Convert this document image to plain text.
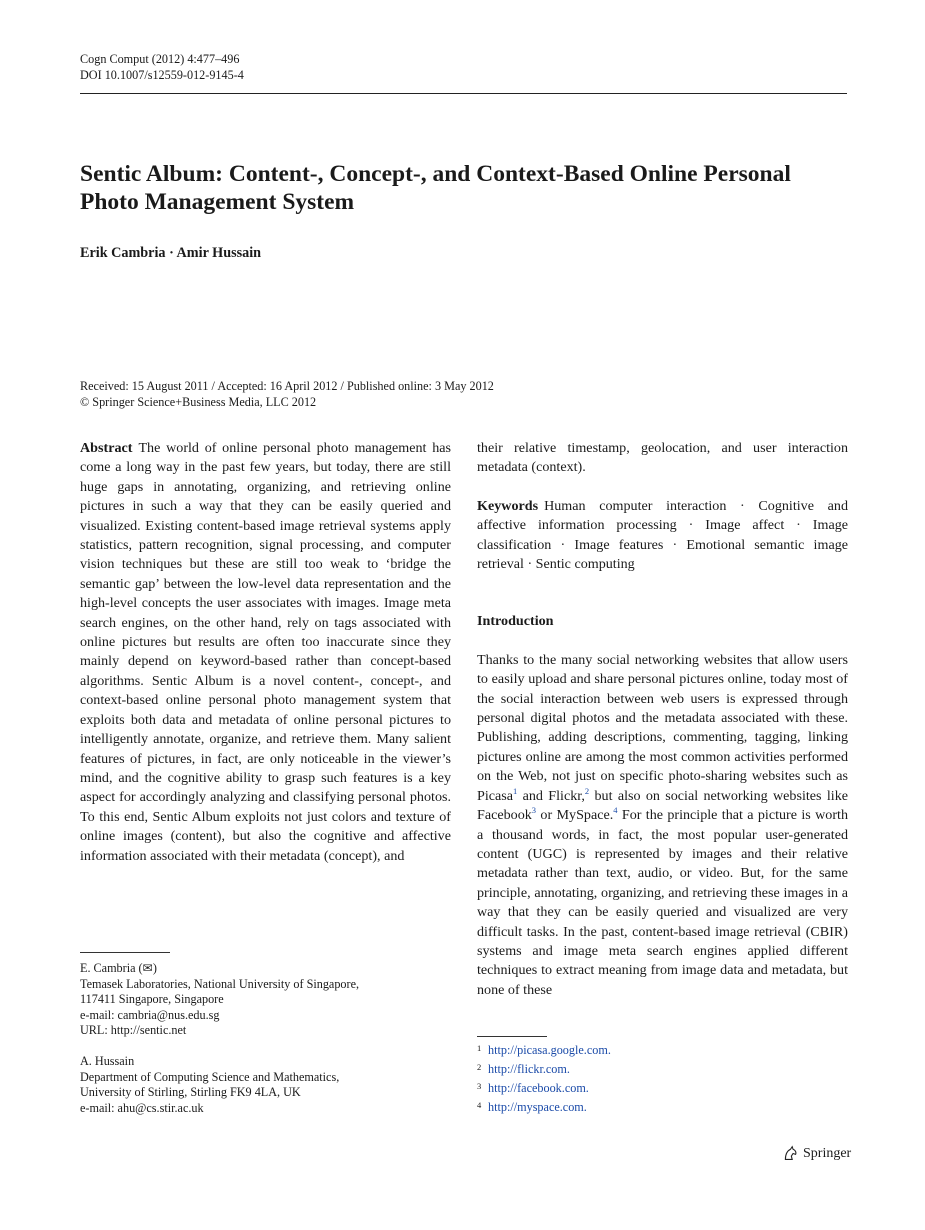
Cogn Comput (2012) 4:477–496
DOI 10.1007/s12559-012-9145-4
Sentic Album: Content-, Concept-, and Context-Based Online Personal Photo Management System
Erik Cambria · Amir Hussain
Received: 15 August 2011 / Accepted: 16 April 2012 / Published online: 3 May 2012
© Springer Science+Business Media, LLC 2012

Abstract The world of online personal photo management has come a long way in the past few years, but today, there are still huge gaps in annotating, organizing, and retrieving online pictures in such a way that they can be easily queried and visualized. Existing content-based image retrieval systems apply statistics, pattern recognition, signal processing, and computer vision techniques but these are still too weak to ‘bridge the semantic gap’ between the low-level data representation and the high-level concepts the user associates with images. Image meta search engines, on the other hand, rely on tags associated with online pictures but results are often too inaccurate since they mainly depend on keyword-based rather than concept-based algorithms. Sentic Album is a novel content-, concept-, and context-based online personal photo management system that exploits both data and metadata of online personal pictures to intelligently annotate, organize, and retrieve them. Many salient features of pictures, in fact, are only noticeable in the viewer’s mind, and the cognitive ability to grasp such features is a key aspect for accordingly analyzing and classifying personal photos. To this end, Sentic Album exploits not just colors and texture of online images (content), but also the cognitive and affective information associated with their metadata (concept), and

their relative timestamp, geolocation, and user interaction metadata (context).

Keywords Human computer interaction · Cognitive and affective information processing · Image affect · Image classification · Image features · Emotional semantic image retrieval · Sentic computing

Introduction

Thanks to the many social networking websites that allow users to easily upload and share personal pictures online, today most of the social interaction between web users is expressed through personal digital photos and the metadata associated with these. Publishing, adding descriptions, commenting, tagging, linking pictures online are among the most common activities performed on the Web, not just on specific photo-sharing websites such as Picasa$^1$ and Flickr,$^2$ but also on social networking websites like Facebook$^3$ or MySpace.$^4$ For the principle that a picture is worth a thousand words, in fact, the most popular user-generated content (UGC) is represented by images and their relative metadata rather than text, audio, or video. But, for the same principle, annotating, organizing, and retrieving these images in a way that they can be easily queried and visualized are very difficult tasks. In the past, content-based image retrieval (CBIR) systems and image meta search engines applied different techniques to extract meaning from image data and metadata, but none of these

E. Cambria (✉)
Temasek Laboratories, National University of Singapore,
117411 Singapore, Singapore
e-mail: cambria@nus.edu.sg
URL: http://sentic.net
A. Hussain
Department of Computing Science and Mathematics,
University of Stirling, Stirling FK9 4LA, UK
e-mail: ahu@cs.stir.ac.uk
1 http://picasa.google.com.
2 http://flickr.com.
3 http://facebook.com.
4 http://myspace.com.
Springer
